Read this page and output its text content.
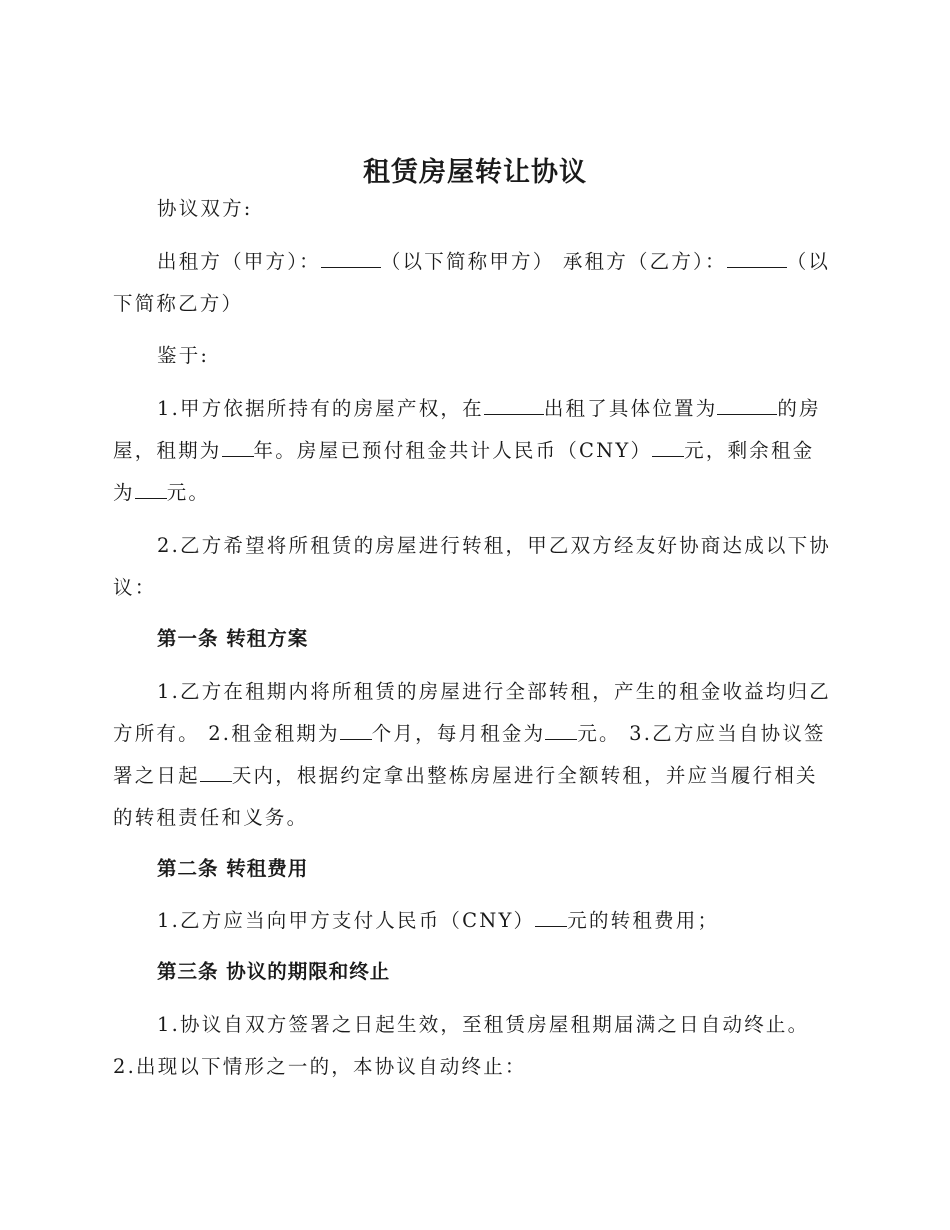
租赁房屋转让协议

协议双方:

出租方（甲方）：	（以下简称甲方） 承租方（乙方）：	（以下简称乙方）

鉴于:

1.甲方依据所持有的房屋产权，在	出租了具体位置为	的房屋，租期为 年。房屋已预付租金共计人民币（CNY） 元，剩余租金为 元。

2.乙方希望将所租赁的房屋进行转租，甲乙双方经友好协商达成以下协议：

第一条 转租方案

1.乙方在租期内将所租赁的房屋进行全部转租，产生的租金收益均归乙方所有。 2.租金租期为 个月，每月租金为 元。 3.乙方应当自协议签署之日起 天内，根据约定拿出整栋房屋进行全额转租，并应当履行相关的转租责任和义务。

第二条 转租费用

1.乙方应当向甲方支付人民币（CNY） 元的转租费用；

第三条 协议的期限和终止

1.协议自双方签署之日起生效，至租赁房屋租期届满之日自动终止。 2.出现以下情形之一的，本协议自动终止：
